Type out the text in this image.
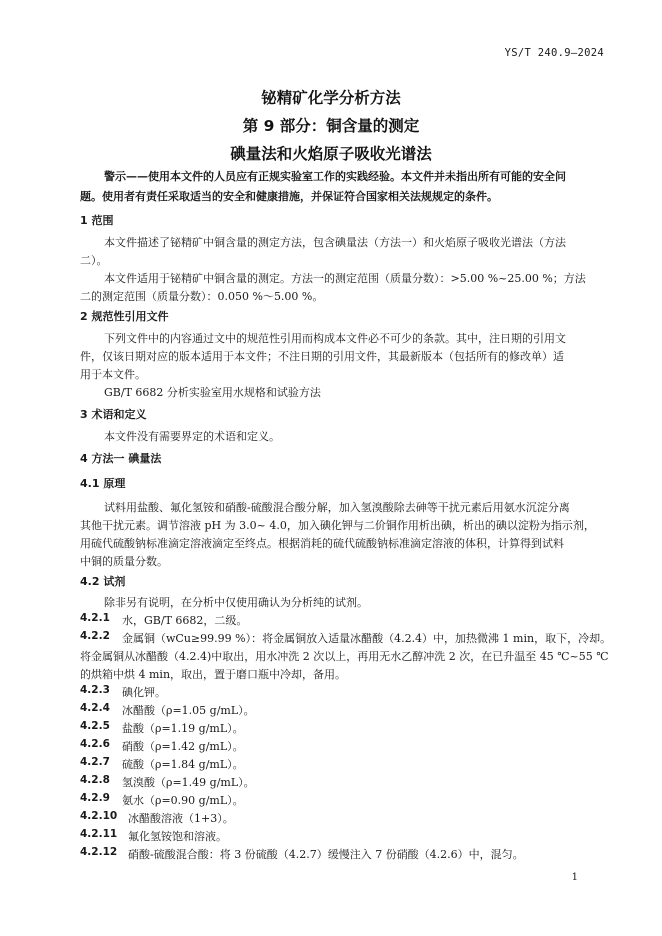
YS/T 240.9—2024
铋精矿化学分析方法
第 9 部分：铜含量的测定
碘量法和火焰原子吸收光谱法
警示——使用本文件的人员应有正规实验室工作的实践经验。本文件并未指出所有可能的安全问
题。使用者有责任采取适当的安全和健康措施，并保证符合国家相关法规规定的条件。
1 范围
本文件描述了铋精矿中铜含量的测定方法，包含碘量法（方法一）和火焰原子吸收光谱法（方法
二）。
本文件适用于铋精矿中铜含量的测定。方法一的测定范围（质量分数）：>5.00 %~25.00 %；方法
二的测定范围（质量分数）：0.050 %～5.00 %。
2 规范性引用文件
下列文件中的内容通过文中的规范性引用而构成本文件必不可少的条款。其中，注日期的引用文
件，仅该日期对应的版本适用于本文件；不注日期的引用文件，其最新版本（包括所有的修改单）适
用于本文件。
GB/T 6682 分析实验室用水规格和试验方法
3 术语和定义
本文件没有需要界定的术语和定义。
4 方法一 碘量法
4.1 原理
试料用盐酸、氟化氢铵和硝酸-硫酸混合酸分解，加入氢溴酸除去砷等干扰元素后用氨水沉淀分离
其他干扰元素。调节溶液 pH 为 3.0~ 4.0，加入碘化钾与二价铜作用析出碘，析出的碘以淀粉为指示剂，
用硫代硫酸钠标准滴定溶液滴定至终点。根据消耗的硫代硫酸钠标准滴定溶液的体积，计算得到试料
中铜的质量分数。
4.2 试剂
除非另有说明，在分析中仅使用确认为分析纯的试剂。
4.2.1 水，GB/T 6682，二级。
4.2.2 金属铜（wCu≥99.99 %）：将金属铜放入适量冰醋酸（4.2.4）中，加热微沸 1 min，取下，冷却。
将金属铜从冰醋酸（4.2.4)中取出，用水冲洗 2 次以上，再用无水乙醇冲洗 2 次，在已升温至 45 ℃~55 ℃
的烘箱中烘 4 min，取出，置于磨口瓶中冷却，备用。
4.2.3 碘化钾。
4.2.4 冰醋酸（ρ=1.05 g/mL）。
4.2.5 盐酸（ρ=1.19 g/mL）。
4.2.6 硝酸（ρ=1.42 g/mL）。
4.2.7 硫酸（ρ=1.84 g/mL）。
4.2.8 氢溴酸（ρ=1.49 g/mL）。
4.2.9 氨水（ρ=0.90 g/mL）。
4.2.10 冰醋酸溶液（1+3）。
4.2.11 氟化氢铵饱和溶液。
4.2.12 硝酸-硫酸混合酸：将 3 份硫酸（4.2.7）缓慢注入 7 份硝酸（4.2.6）中，混匀。
1
